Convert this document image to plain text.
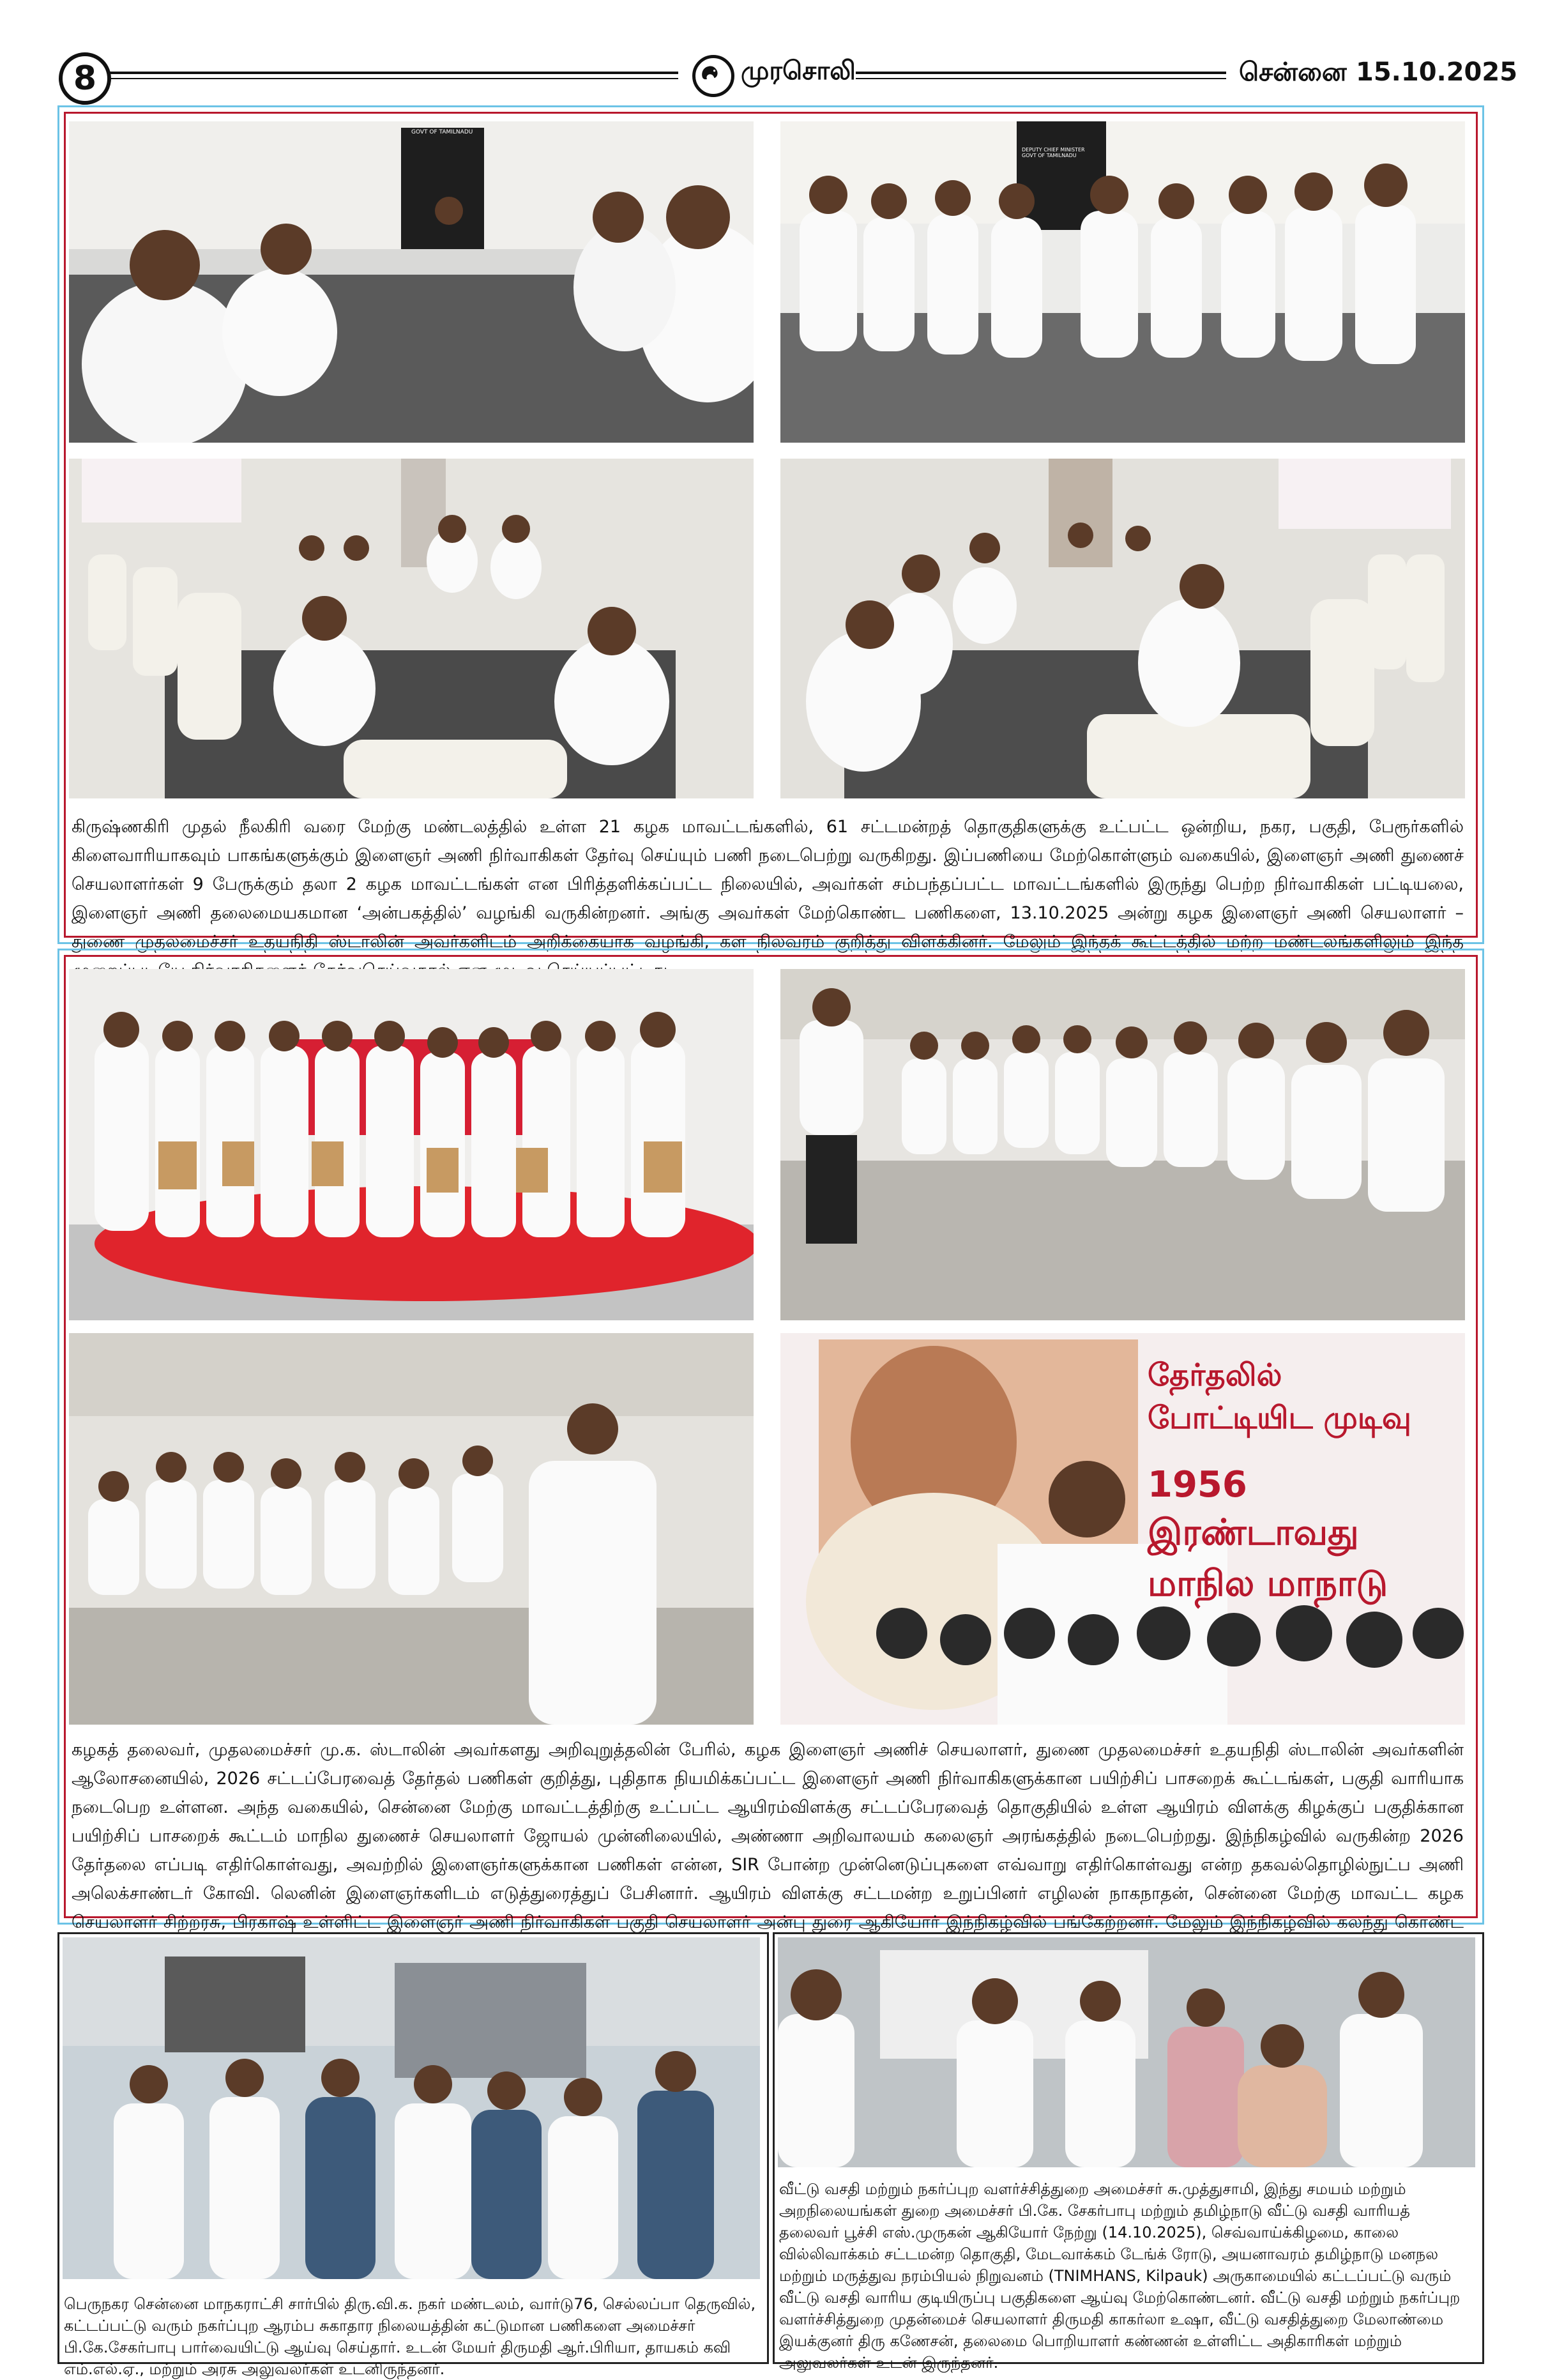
8	முரசொலி	சென்னை 15.10.2025
GOVT OF TAMILNADU
DEPUTY CHIEF MINISTER GOVT OF TAMILNADU
கிருஷ்ணகிரி முதல் நீலகிரி வரை மேற்கு மண்டலத்தில் உள்ள 21 கழக மாவட்டங்களில், 61 சட்டமன்றத் தொகுதிகளுக்கு உட்பட்ட ஒன்றிய, நகர, பகுதி, பேரூர்களில் கிளைவாரியாகவும் பாகங்களுக்கும் இளைஞர் அணி நிர்வாகிகள் தேர்வு செய்யும் பணி நடைபெற்று வருகிறது. இப்பணியை மேற்கொள்ளும் வகையில், இளைஞர் அணி துணைச் செயலாளர்கள் 9 பேருக்கும் தலா 2 கழக மாவட்டங்கள் என பிரித்தளிக்கப்பட்ட நிலையில், அவர்கள் சம்பந்தப்பட்ட மாவட்டங்களில் இருந்து பெற்ற நிர்வாகிகள் பட்டியலை, இளைஞர் அணி தலைமையகமான ‘அன்பகத்தில்’ வழங்கி வருகின்றனர். அங்கு அவர்கள் மேற்கொண்ட பணிகளை, 13.10.2025 அன்று கழக இளைஞர் அணி செயலாளர் – துணை முதலமைச்சர் உதயநிதி ஸ்டாலின் அவர்களிடம் அறிக்கையாக வழங்கி, கள நிலவரம் குறித்து விளக்கினர். மேலும் இந்தக் கூட்டத்தில் மற்ற மண்டலங்களிலும் இந்த
தேர்தலில்
போட்டியிட முடிவு
1956
இரண்டாவது
மாநில மாநாடு
கழகத் தலைவர், முதலமைச்சர் மு.க. ஸ்டாலின் அவர்களது அறிவுறுத்தலின் பேரில், கழக இளைஞர் அணிச் செயலாளர், துணை முதலமைச்சர் உதயநிதி ஸ்டாலின் அவர்களின் ஆலோசனையில், 2026 சட்டப்பேரவைத் தேர்தல் பணிகள் குறித்து, புதிதாக நியமிக்கப்பட்ட இளைஞர் அணி நிர்வாகிகளுக்கான பயிற்சிப் பாசறைக் கூட்டங்கள், பகுதி வாரியாக நடைபெற உள்ளன. அந்த வகையில், சென்னை மேற்கு மாவட்டத்திற்கு உட்பட்ட ஆயிரம்விளக்கு சட்டப்பேரவைத் தொகுதியில் உள்ள ஆயிரம் விளக்கு கிழக்குப் பகுதிக்கான பயிற்சிப் பாசறைக் கூட்டம் மாநில துணைச் செயலாளர் ஜோயல் முன்னிலையில், அண்ணா அறிவாலயம் கலைஞர் அரங்கத்தில் நடைபெற்றது. இந்நிகழ்வில் வருகின்ற 2026 தேர்தலை எப்படி எதிர்கொள்வது, அவற்றில் இளைஞர்களுக்கான பணிகள் என்ன, SIR போன்ற முன்னெடுப்புகளை எவ்வாறு எதிர்கொள்வது என்ற தகவல்தொழில்நுட்ப அணி அலெக்சாண்டர் கோவி. லெனின் இளைஞர்களிடம் எடுத்துரைத்துப் பேசினார். ஆயிரம் விளக்கு சட்டமன்ற உறுப்பினர் எழிலன் நாகநாதன், சென்னை மேற்கு மாவட்ட கழக செயலாளர் சிற்றரசு, பிரகாஷ் உள்ளிட்ட இளைஞர் அணி நிர்வாகிகள் பகுதி செயலாளர் அன்பு துரை ஆகியோர் இந்நிகழ்வில் பங்கேற்றனர். மேலும் இந்நிகழ்வில் கலந்து கொண்ட
பெருநகர சென்னை மாநகராட்சி சார்பில் திரு.வி.க. நகர் மண்டலம், வார்டு76, செல்லப்பா தெருவில், கட்டப்பட்டு வரும் நகர்ப்புற ஆரம்ப சுகாதார நிலையத்தின் கட்டுமான பணிகளை அமைச்சர் பி.கே.சேகர்பாபு பார்வையிட்டு ஆய்வு செய்தார். உடன் மேயர் திருமதி ஆர்.பிரியா, தாயகம் கவி எம்.எல்.ஏ., மற்றும் அரசு அலுவலர்கள் உடனிருந்தனர்.
வீட்டு வசதி மற்றும் நகர்ப்புற வளர்ச்சித்துறை அமைச்சர் சு.முத்துசாமி, இந்து சமயம் மற்றும் அறநிலையங்கள் துறை அமைச்சர் பி.கே. சேகர்பாபு மற்றும் தமிழ்நாடு வீட்டு வசதி வாரியத் தலைவர் பூச்சி எஸ்.முருகன் ஆகியோர் நேற்று (14.10.2025), செவ்வாய்க்கிழமை, காலை வில்லிவாக்கம் சட்டமன்ற தொகுதி, மேடவாக்கம் டேங்க் ரோடு, அயனாவரம் தமிழ்நாடு மனநல மற்றும் மருத்துவ நரம்பியல் நிறுவனம் (TNIMHANS, Kilpauk) அருகாமையில் கட்டப்பட்டு வரும் வீட்டு வசதி வாரிய குடியிருப்பு பகுதிகளை ஆய்வு மேற்கொண்டனர். வீட்டு வசதி மற்றும் நகர்ப்புற வளர்ச்சித்துறை முதன்மைச் செயலாளர் திருமதி காகர்லா உஷா, வீட்டு வசதித்துறை மேலாண்மை இயக்குனர் திரு கணேசன், தலைமை பொறியாளர் கண்ணன் உள்ளிட்ட அதிகாரிகள் மற்றும் அலுவலர்கள் உடன் இருந்தனர்.
